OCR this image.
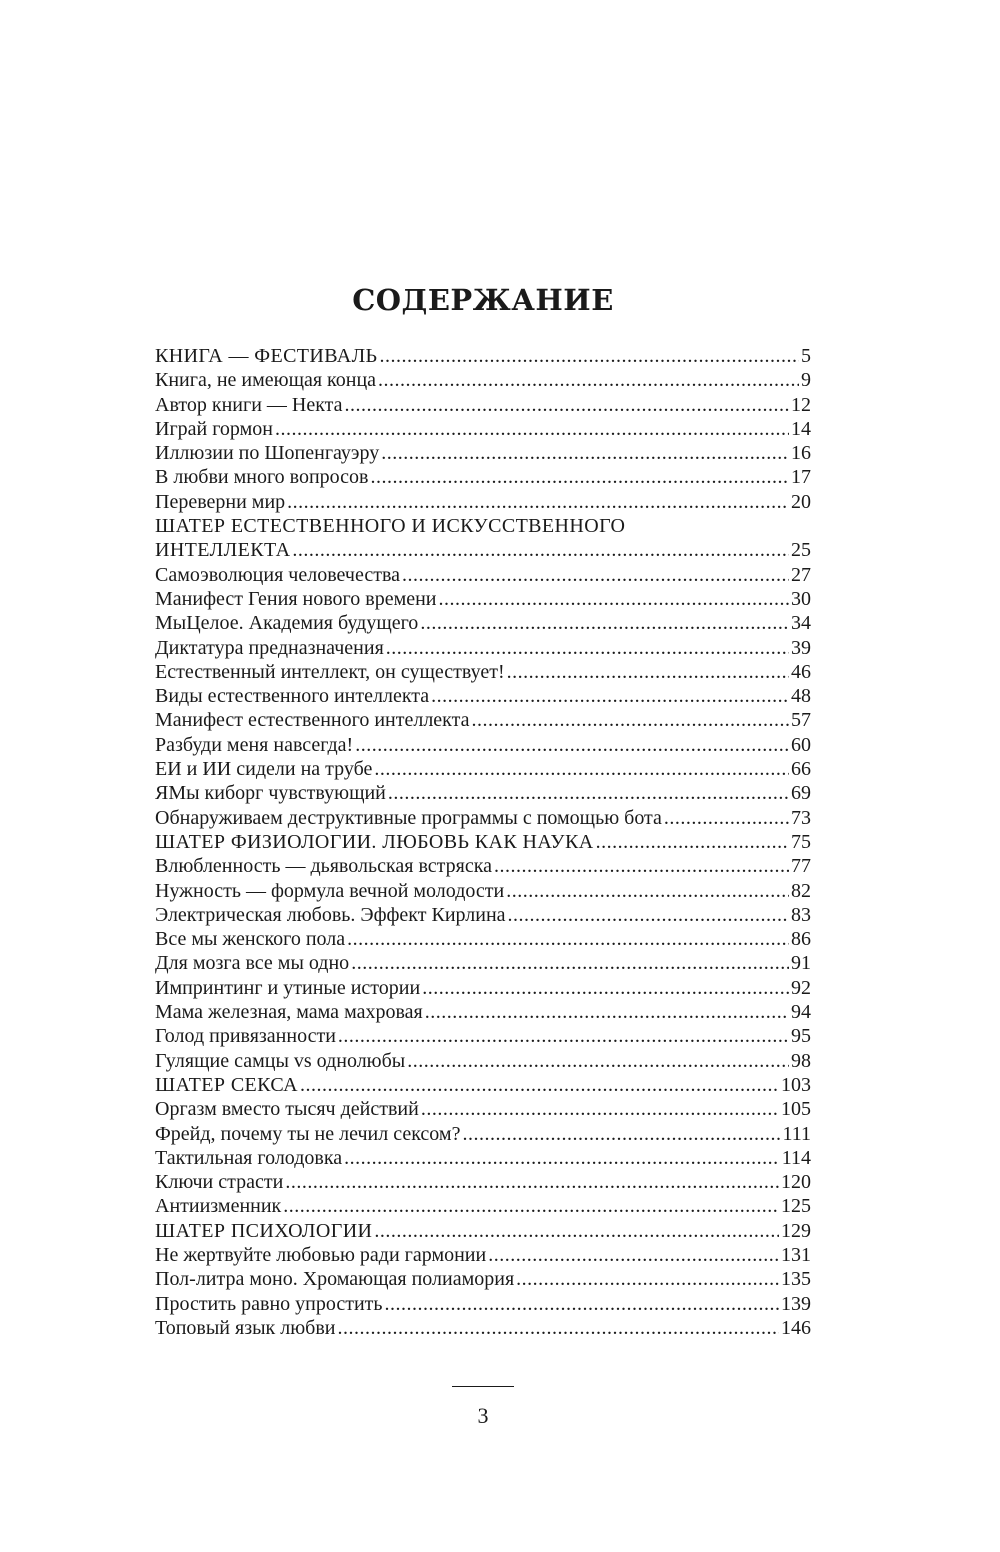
СОДЕРЖАНИЕ
КНИГА — ФЕСТИВАЛЬ .....	5
Книга, не имеющая конца .....	9
Автор книги — Некта .....	12
Играй гормон .....	14
Иллюзии по Шопенгауэру .....	16
В любви много вопросов .....	17
Переверни мир .....	20
ШАТЕР ЕСТЕСТВЕННОГО И ИСКУССТВЕННОГО
ИНТЕЛЛЕКТА .....	25
Самоэволюция человечества .....	27
Манифест Гения нового времени .....	30
МыЦелое. Академия будущего .....	34
Диктатура предназначения .....	39
Естественный интеллект, он существует! .....	46
Виды естественного интеллекта .....	48
Манифест естественного интеллекта .....	57
Разбуди меня навсегда! .....	60
ЕИ и ИИ сидели на трубе .....	66
ЯМы киборг чувствующий .....	69
Обнаруживаем деструктивные программы с помощью бота .....	73
ШАТЕР ФИЗИОЛОГИИ. ЛЮБОВЬ КАК НАУКА .....	75
Влюбленность — дьявольская встряска .....	77
Нужность — формула вечной молодости .....	82
Электрическая любовь. Эффект Кирлина .....	83
Все мы женского пола .....	86
Для мозга все мы одно .....	91
Импринтинг и утиные истории .....	92
Мама железная, мама махровая .....	94
Голод привязанности .....	95
Гулящие самцы vs однолюбы .....	98
ШАТЕР СЕКСА .....	103
Оргазм вместо тысяч действий .....	105
Фрейд, почему ты не лечил сексом? .....	111
Тактильная голодовка .....	114
Ключи страсти .....	120
Антиизменник .....	125
ШАТЕР ПСИХОЛОГИИ .....	129
Не жертвуйте любовью ради гармонии .....	131
Пол-литра моно. Хромающая полиамория .....	135
Простить равно упростить .....	139
Топовый язык любви .....	146
3
